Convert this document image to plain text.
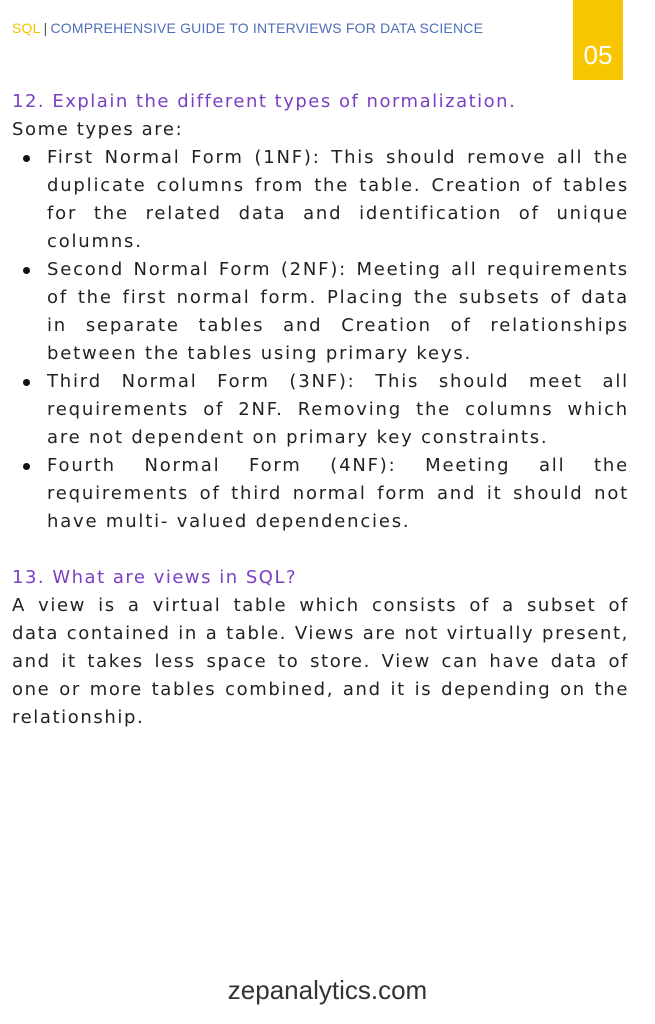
SQL | COMPREHENSIVE GUIDE TO INTERVIEWS FOR DATA SCIENCE
05
12. Explain the different types of normalization.

Some types are:

First Normal Form (1NF): This should remove all the duplicate columns from the table. Creation of tables for the related data and identification of unique columns.
Second Normal Form (2NF): Meeting all requirements of the first normal form. Placing the subsets of data in separate tables and Creation of relationships between the tables using primary keys.
Third Normal Form (3NF): This should meet all requirements of 2NF. Removing the columns which are not dependent on primary key constraints.
Fourth Normal Form (4NF): Meeting all the requirements of third normal form and it should not have multi- valued dependencies.
13. What are views in SQL?

A view is a virtual table which consists of a subset of data contained in a table. Views are not virtually present, and it takes less space to store. View can have data of one or more tables combined, and it is depending on the relationship.

zepanalytics.com
